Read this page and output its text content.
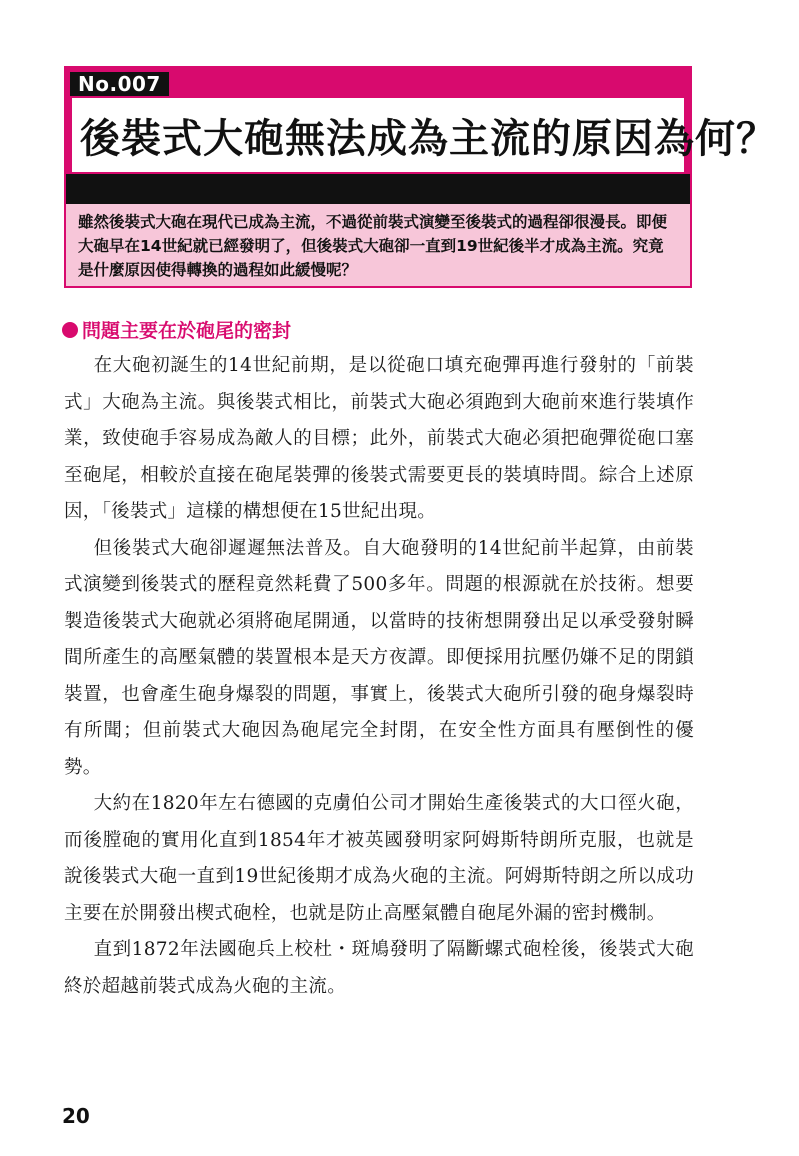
No.007
後裝式大砲無法成為主流的原因為何？
雖然後裝式大砲在現代已成為主流，不過從前裝式演變至後裝式的過程卻很漫長。即便大砲早在14世紀就已經發明了，但後裝式大砲卻一直到19世紀後半才成為主流。究竟是什麼原因使得轉換的過程如此緩慢呢？
問題主要在於砲尾的密封

在大砲初誕生的14世紀前期，是以從砲口填充砲彈再進行發射的「前裝式」大砲為主流。與後裝式相比，前裝式大砲必須跑到大砲前來進行裝填作業，致使砲手容易成為敵人的目標；此外，前裝式大砲必須把砲彈從砲口塞至砲尾，相較於直接在砲尾裝彈的後裝式需要更長的裝填時間。綜合上述原因，「後裝式」這樣的構想便在15世紀出現。

但後裝式大砲卻遲遲無法普及。自大砲發明的14世紀前半起算，由前裝式演變到後裝式的歷程竟然耗費了500多年。問題的根源就在於技術。想要製造後裝式大砲就必須將砲尾開通，以當時的技術想開發出足以承受發射瞬間所產生的高壓氣體的裝置根本是天方夜譚。即便採用抗壓仍嫌不足的閉鎖裝置，也會產生砲身爆裂的問題，事實上，後裝式大砲所引發的砲身爆裂時有所聞；但前裝式大砲因為砲尾完全封閉，在安全性方面具有壓倒性的優勢。

大約在1820年左右德國的克虜伯公司才開始生產後裝式的大口徑火砲，而後膛砲的實用化直到1854年才被英國發明家阿姆斯特朗所克服，也就是說後裝式大砲一直到19世紀後期才成為火砲的主流。阿姆斯特朗之所以成功主要在於開發出楔式砲栓，也就是防止高壓氣體自砲尾外漏的密封機制。

直到1872年法國砲兵上校杜・斑鳩發明了隔斷螺式砲栓後，後裝式大砲終於超越前裝式成為火砲的主流。

20
